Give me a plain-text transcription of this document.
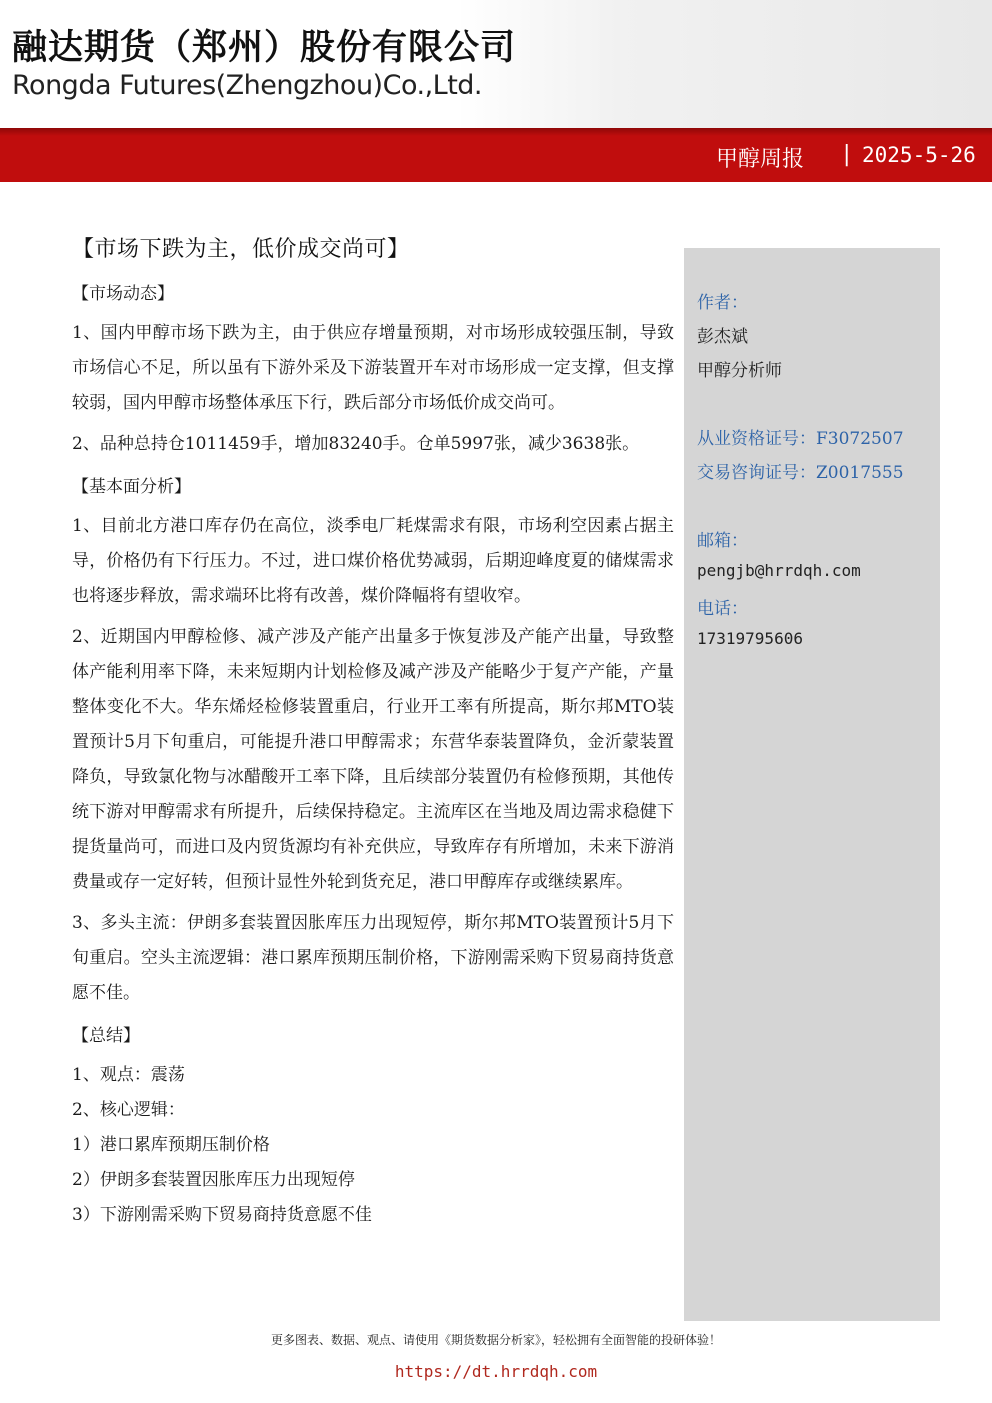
融达期货（郑州）股份有限公司
Rongda Futures(Zhengzhou)Co.,Ltd.
甲醇周报 | 2025-5-26
【市场下跌为主，低价成交尚可】
【市场动态】

1、国内甲醇市场下跌为主，由于供应存增量预期，对市场形成较强压制，导致市场信心不足，所以虽有下游外采及下游装置开车对市场形成一定支撑，但支撑较弱，国内甲醇市场整体承压下行，跌后部分市场低价成交尚可。

2、品种总持仓1011459手，增加83240手。仓单5997张，减少3638张。

【基本面分析】

1、目前北方港口库存仍在高位，淡季电厂耗煤需求有限，市场利空因素占据主导，价格仍有下行压力。不过，进口煤价格优势减弱，后期迎峰度夏的储煤需求也将逐步释放，需求端环比将有改善，煤价降幅将有望收窄。

2、近期国内甲醇检修、减产涉及产能产出量多于恢复涉及产能产出量，导致整体产能利用率下降，未来短期内计划检修及减产涉及产能略少于复产产能，产量整体变化不大。华东烯烃检修装置重启，行业开工率有所提高，斯尔邦MTO装置预计5月下旬重启，可能提升港口甲醇需求；东营华泰装置降负，金沂蒙装置降负，导致氯化物与冰醋酸开工率下降，且后续部分装置仍有检修预期，其他传统下游对甲醇需求有所提升，后续保持稳定。主流库区在当地及周边需求稳健下提货量尚可，而进口及内贸货源均有补充供应，导致库存有所增加，未来下游消费量或存一定好转，但预计显性外轮到货充足，港口甲醇库存或继续累库。

3、多头主流：伊朗多套装置因胀库压力出现短停，斯尔邦MTO装置预计5月下旬重启。空头主流逻辑：港口累库预期压制价格，下游刚需采购下贸易商持货意愿不佳。

【总结】

1、观点：震荡

2、核心逻辑：

1）港口累库预期压制价格

2）伊朗多套装置因胀库压力出现短停

3）下游刚需采购下贸易商持货意愿不佳

作者：
彭杰斌
甲醇分析师
从业资格证号：F3072507
交易咨询证号：Z0017555
邮箱：
pengjb@hrrdqh.com
电话：
17319795606
更多图表、数据、观点、请使用《期货数据分析家》，轻松拥有全面智能的投研体验！
https://dt.hrrdqh.com
